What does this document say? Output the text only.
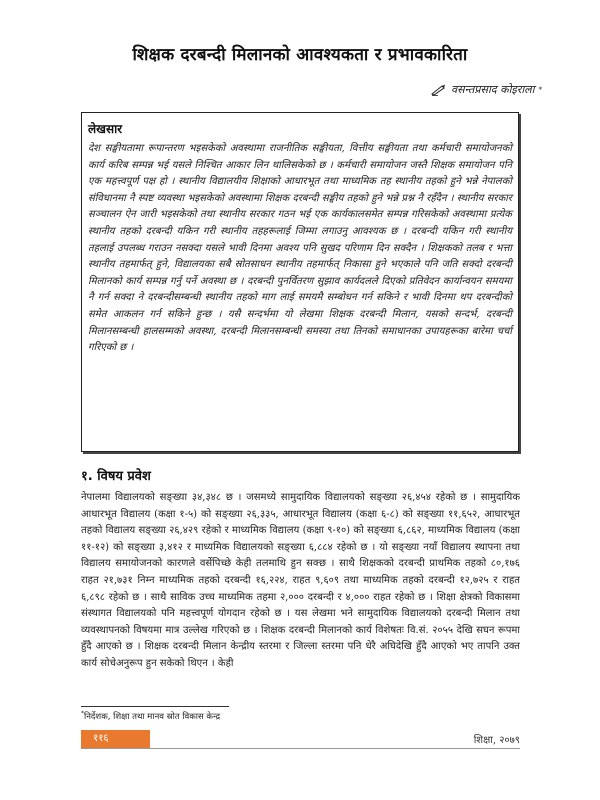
शिक्षक दरबन्दी मिलानको आवश्यकता र प्रभावकारिता
वसन्तप्रसाद कोइराला *
लेखसार
देश सङ्घीयतामा रूपान्तरण भइसकेको अवस्थामा राजनीतिक सङ्घीयता, वित्तीय सङ्घीयता तथा कर्मचारी समायोजनको कार्य करिब सम्पन्न भई यसले निश्चित आकार लिन थालिसकेको छ । कर्मचारी समायोजन जस्तै शिक्षक समायोजन पनि एक महत्त्वपूर्ण पक्ष हो । स्थानीय विद्यालयीय शिक्षाको आधारभूत तथा माध्यमिक तह स्थानीय तहको हुने भन्ने नेपालको संविधानमा नै स्पष्ट व्यवस्था भइसकेको अवस्थामा शिक्षक दरबन्दी सङ्घीय तहको हुने भन्ने प्रश्न नै रहँदैन । स्थानीय सरकार सञ्चालन ऐन जारी भइसकेको तथा स्थानीय सरकार गठन भई एक कार्यकालसमेत सम्पन्न गरिसकेको अवस्थामा प्रत्येक स्थानीय तहको दरबन्दी यकिन गरी स्थानीय तहहरूलाई जिम्मा लगाउनु आवश्यक छ । दरबन्दी यकिन गरी स्थानीय तहलाई उपलब्ध गराउन नसक्दा यसले भावी दिनमा अवश्य पनि सुखद परिणाम दिन सक्दैन । शिक्षकको तलब र भत्ता स्थानीय तहमार्फत् हुने, विद्यालयका सबै स्रोतसाधन स्थानीय तहमार्फत् निकासा हुने भएकाले पनि जति सक्दो दरबन्दी मिलानको कार्य सम्पन्न गर्नु पर्ने अवस्था छ । दरबन्दी पुनर्वितरण सुझाव कार्यदलले दिएको प्रतिवेदन कार्यान्वयन समयमा नै गर्न सक्दा ने दरबन्दीसम्बन्धी स्थानीय तहको माग लाई समयमै सम्बोधन गर्न सकिने र भावी दिनमा थप दरबन्दीको समेत आकलन गर्न सकिने हुन्छ । यसै सन्दर्भमा यो लेखमा शिक्षक दरबन्दी मिलान, यसको सन्दर्भ, दरबन्दी मिलानसम्बन्धी हालसम्मको अवस्था, दरबन्दी मिलानसम्बन्धी समस्या तथा तिनको समाधानका उपायहरूका बारेमा चर्चा गरिएको छ ।
१. विषय प्रवेश
नेपालमा विद्यालयको सङ्ख्या ३४,३४८ छ । जसमध्ये सामुदायिक विद्यालयको सङ्ख्या २६,४५४ रहेको छ । सामुदायिक आधारभूत विद्यालय (कक्षा १-५) को सङ्ख्या २६,३३५, आधारभूत विद्यालय (कक्षा ६-८) को सङ्ख्या ११,६५२, आधारभूत तहको विद्यालय सङ्ख्या २६,४२९ रहेको र माध्यमिक विद्यालय (कक्षा ९-१०) को सङ्ख्या ६,८६२, माध्यमिक विद्यालय (कक्षा ११-१२) को सङ्ख्या ३,४१२ र माध्यमिक विद्यालयको सङ्ख्या ६,८८४ रहेको छ । यो सङ्ख्या नयाँ विद्यालय स्थापना तथा विद्यालय समायोजनको कारणले वर्सेपिच्छे केही तलमाथि हुन सक्छ । साथै शिक्षकको दरबन्दी प्राथमिक तहको ८०,१७६ राहत २१,७३१ निम्न माध्यमिक तहको दरबन्दी १६,२२४, राहत ९,६०९ तथा माध्यमिक तहको दरबन्दी १२,७२५ र राहत ६,८९८ रहेको छ । साथै साविक उच्च माध्यमिक तहमा २,००० दरबन्दी र ४,००० राहत रहेको छ । शिक्षा क्षेत्रको विकासमा संस्थागत विद्यालयको पनि महत्त्वपूर्ण योगदान रहेको छ । यस लेखमा भने सामुदायिक विद्यालयको दरबन्दी मिलान तथा व्यवस्थापनको विषयमा मात्र उल्लेख गरिएको छ । शिक्षक दरबन्दी मिलानको कार्य विशेषतः वि.सं. २०५५ देखि सघन रूपमा हुँदै आएको छ । शिक्षक दरबन्दी मिलान केन्द्रीय स्तरमा र जिल्ला स्तरमा पनि धेरै अघिदेखि हुँदै आएको भए तापनि उक्त कार्य सोचेअनुरूप हुन सकेको थिएन । केही
*निर्देशक, शिक्षा तथा मानव स्रोत विकास केन्द्र
११६	शिक्षा, २०७९
